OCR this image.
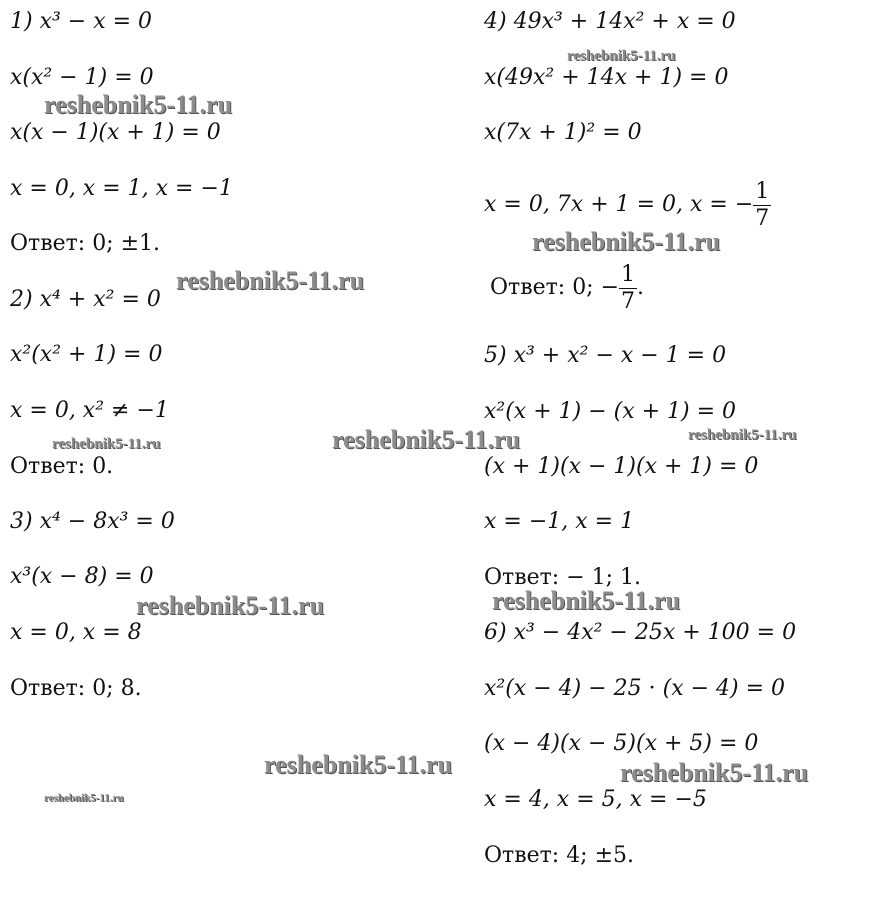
1) x³ − x = 0
x(x² − 1) = 0
x(x − 1)(x + 1) = 0
x = 0, x = 1, x = −1
Ответ: 0; ±1.
2) x⁴ + x² = 0
x²(x² + 1) = 0
x = 0, x² ≠ −1
Ответ: 0.
3) x⁴ − 8x³ = 0
x³(x − 8) = 0
x = 0, x = 8
Ответ: 0; 8.
4) 49x³ + 14x² + x = 0
x(49x² + 14x + 1) = 0
x(7x + 1)² = 0
x = 0, 7x + 1 = 0, x = − $\frac{1}{7}$
Ответ: 0; − $\frac{1}{7}$ .
5) x³ + x² − x − 1 = 0
x²(x + 1) − (x + 1) = 0
(x + 1)(x − 1)(x + 1) = 0
x = −1, x = 1
Ответ: − 1; 1.
6) x³ − 4x² − 25x + 100 = 0
x²(x − 4) − 25 · (x − 4) = 0
(x − 4)(x − 5)(x + 5) = 0
x = 4, x = 5, x = −5
Ответ: 4; ±5.
reshebnik5-11.ru
reshebnik5-11.ru
reshebnik5-11.ru	reshebnik5-11.ru
reshebnik5-11.ru
reshebnik5-11.ru
reshebnik5-11.ru
reshebnik5-11.ru
reshebnik5-11.ru
reshebnik5-11.ru
reshebnik5-11.ru
reshebnik5-11.ru
